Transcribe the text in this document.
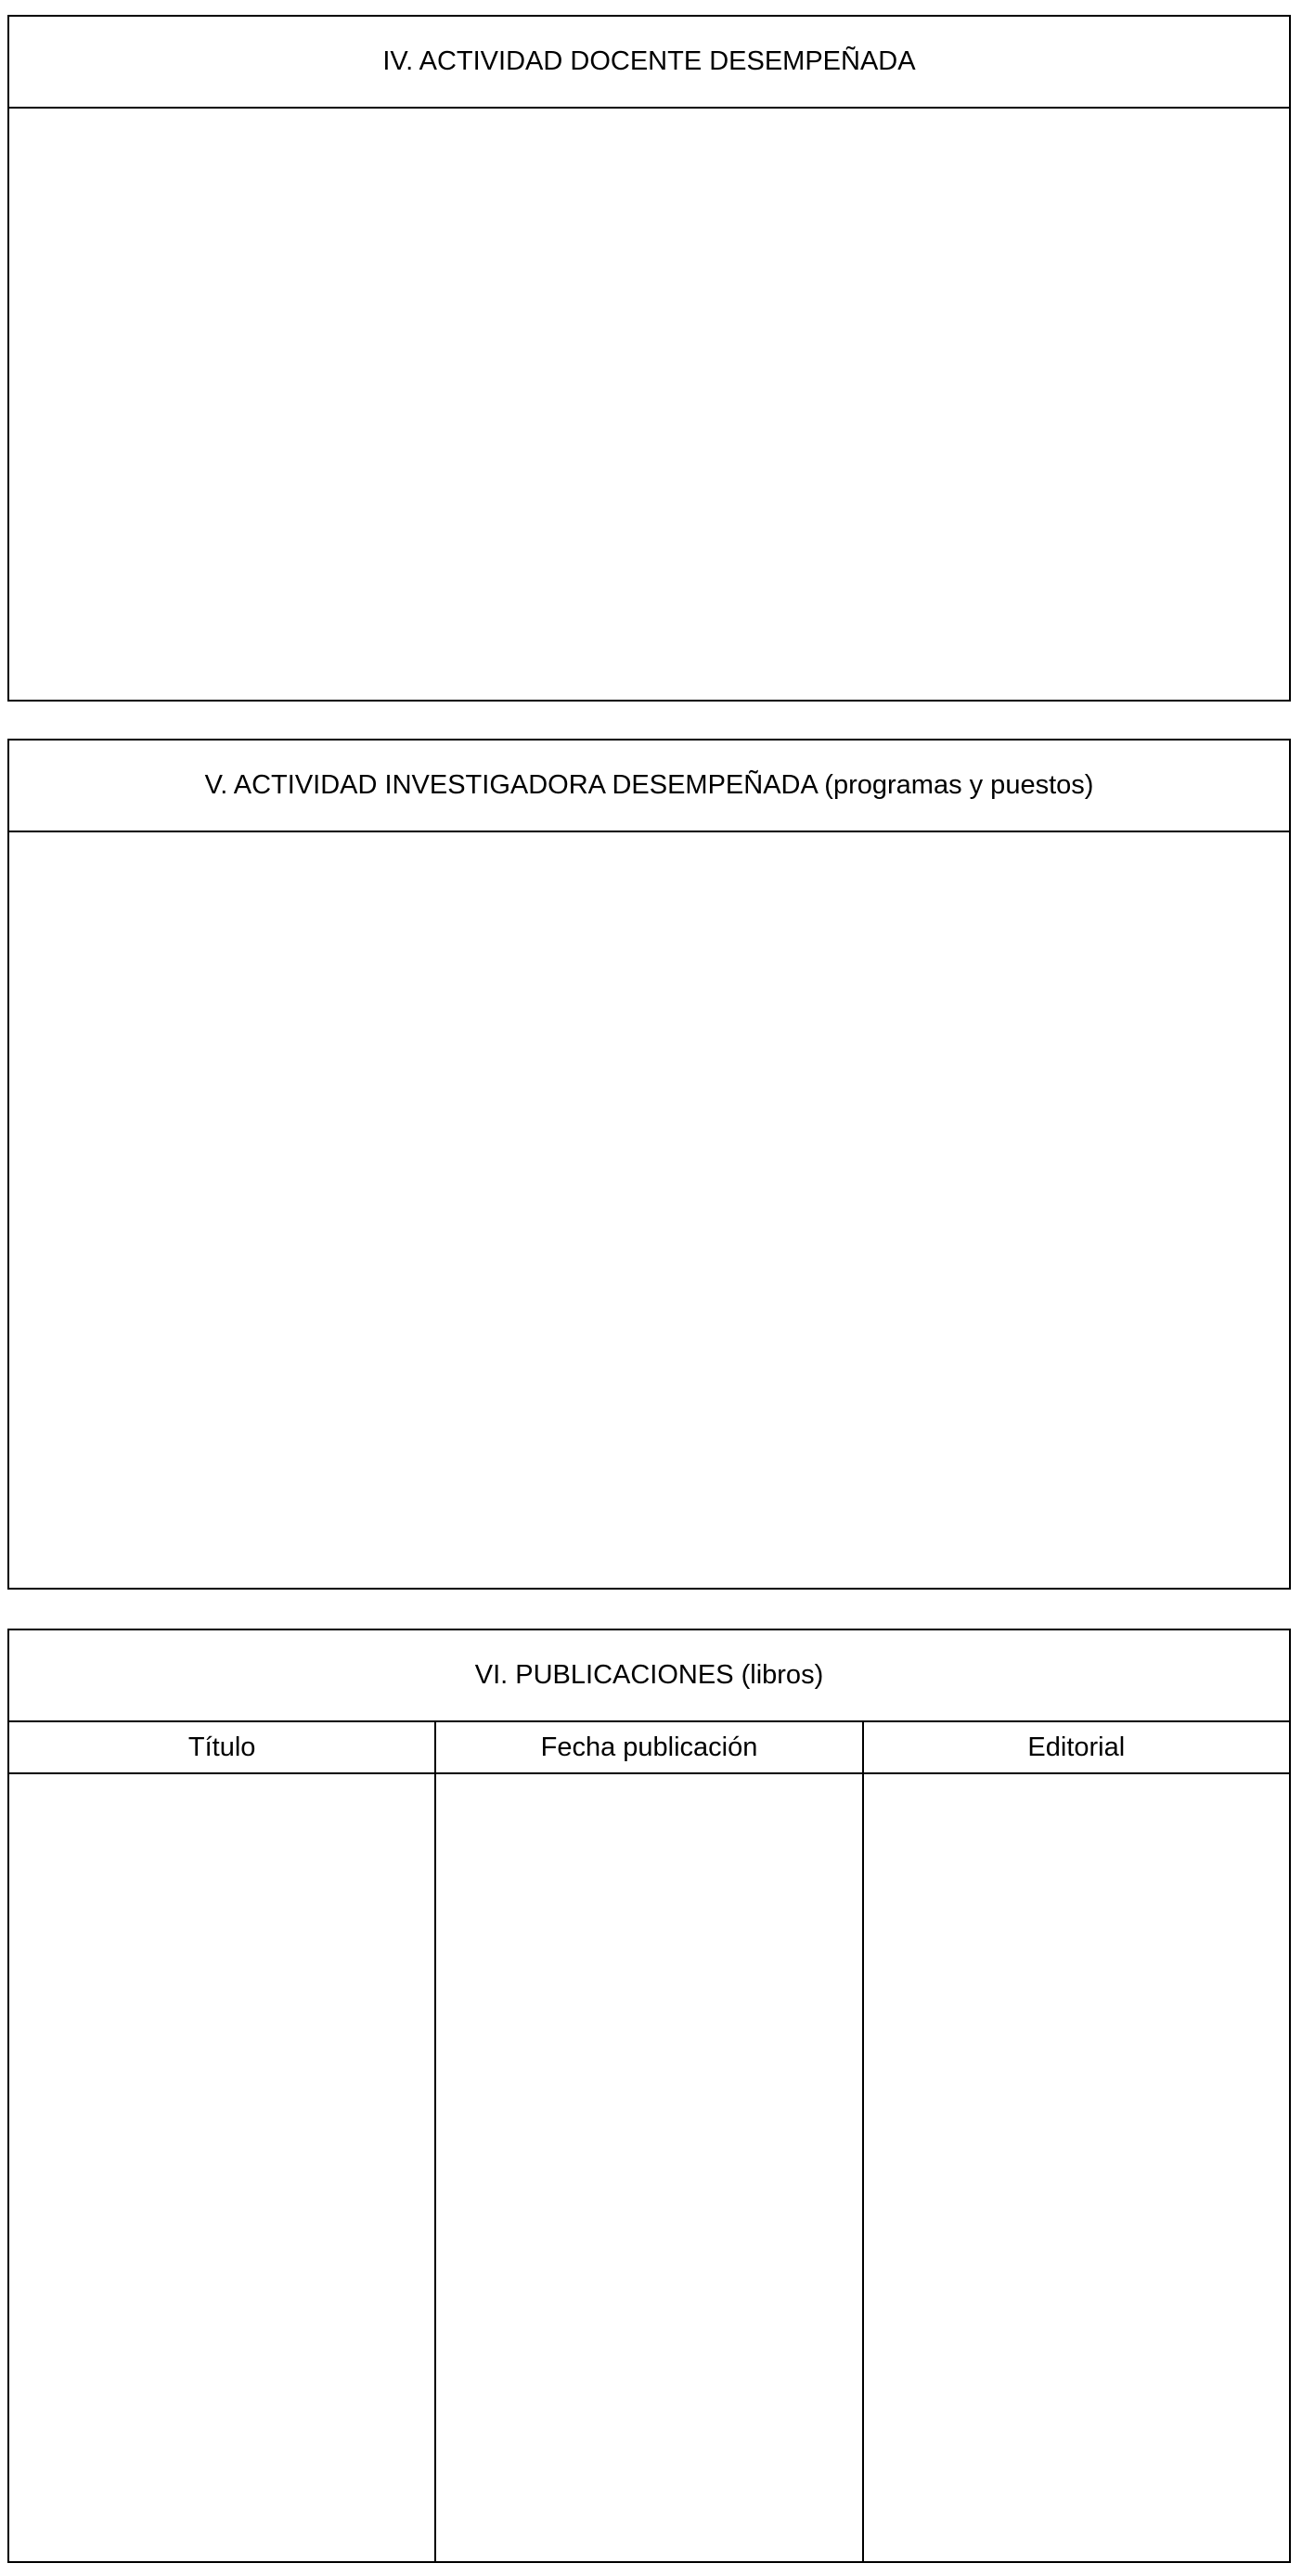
IV. ACTIVIDAD DOCENTE DESEMPEÑADA
V. ACTIVIDAD INVESTIGADORA DESEMPEÑADA (programas y puestos)
VI. PUBLICACIONES (libros)
Título	Fecha publicación	Editorial
